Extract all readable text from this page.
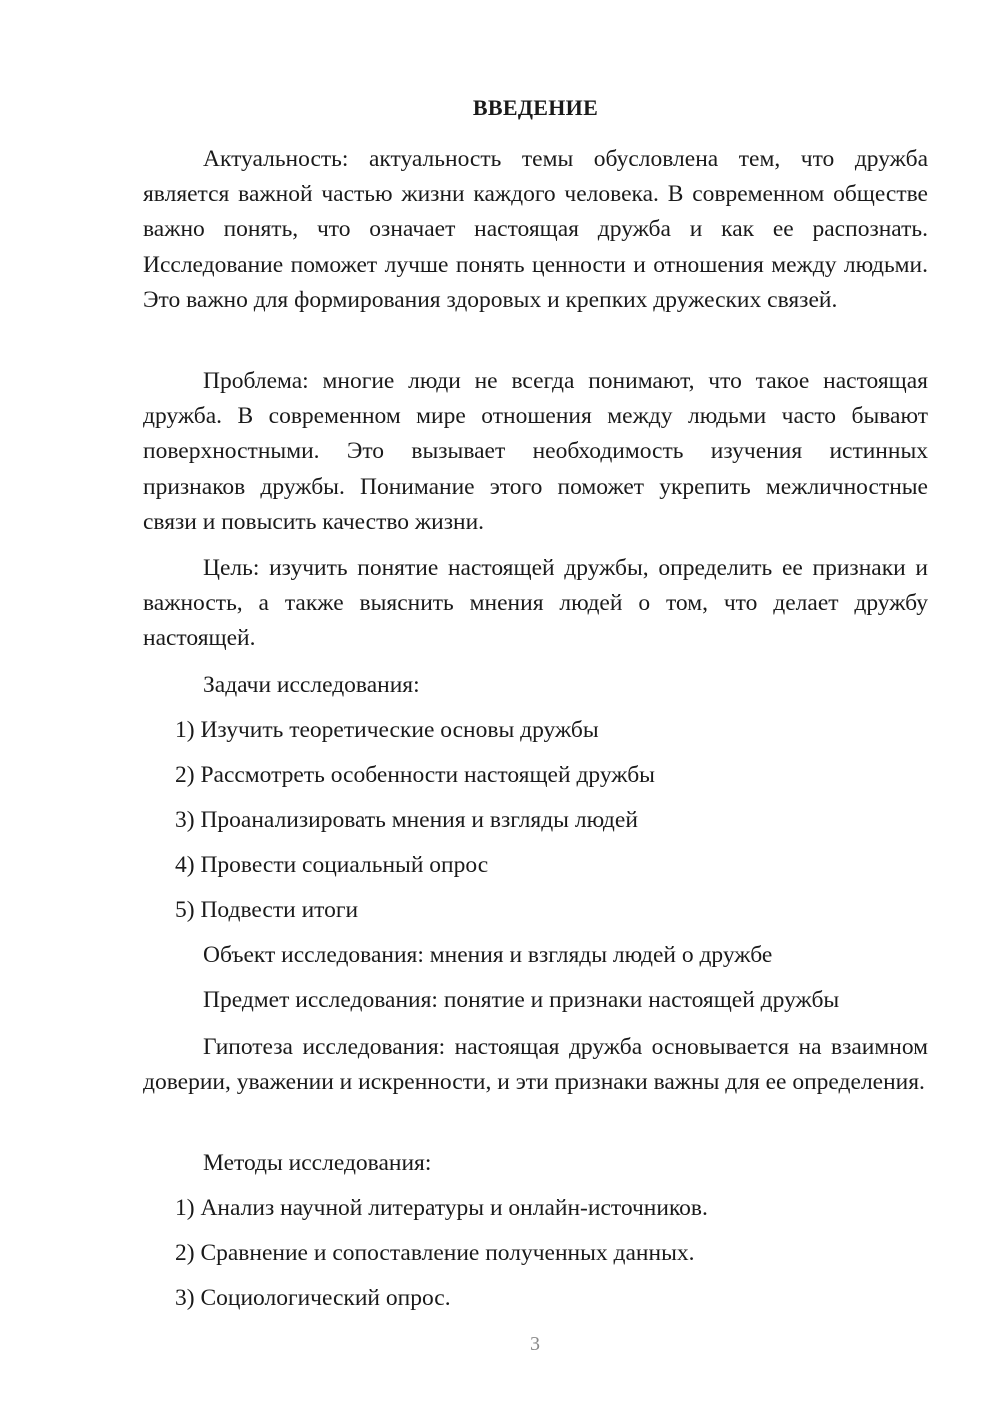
ВВЕДЕНИЕ

Актуальность: актуальность темы обусловлена тем, что дружба является важной частью жизни каждого человека. В современном обществе важно понять, что означает настоящая дружба и как ее распознать. Исследование поможет лучше понять ценности и отношения между людьми. Это важно для формирования здоровых и крепких дружеских связей.

Проблема: многие люди не всегда понимают, что такое настоящая дружба. В современном мире отношения между людьми часто бывают поверхностными. Это вызывает необходимость изучения истинных признаков дружбы. Понимание этого поможет укрепить межличностные связи и повысить качество жизни.

Цель: изучить понятие настоящей дружбы, определить ее признаки и важность, а также выяснить мнения людей о том, что делает дружбу настоящей.

Задачи исследования:

1) Изучить теоретические основы дружбы

2) Рассмотреть особенности настоящей дружбы

3) Проанализировать мнения и взгляды людей

4) Провести социальный опрос

5) Подвести итоги

Объект исследования: мнения и взгляды людей о дружбе

Предмет исследования: понятие и признаки настоящей дружбы

Гипотеза исследования: настоящая дружба основывается на взаимном доверии, уважении и искренности, и эти признаки важны для ее определения.

Методы исследования:

1) Анализ научной литературы и онлайн-источников.

2) Сравнение и сопоставление полученных данных.

3) Социологический опрос.

3
